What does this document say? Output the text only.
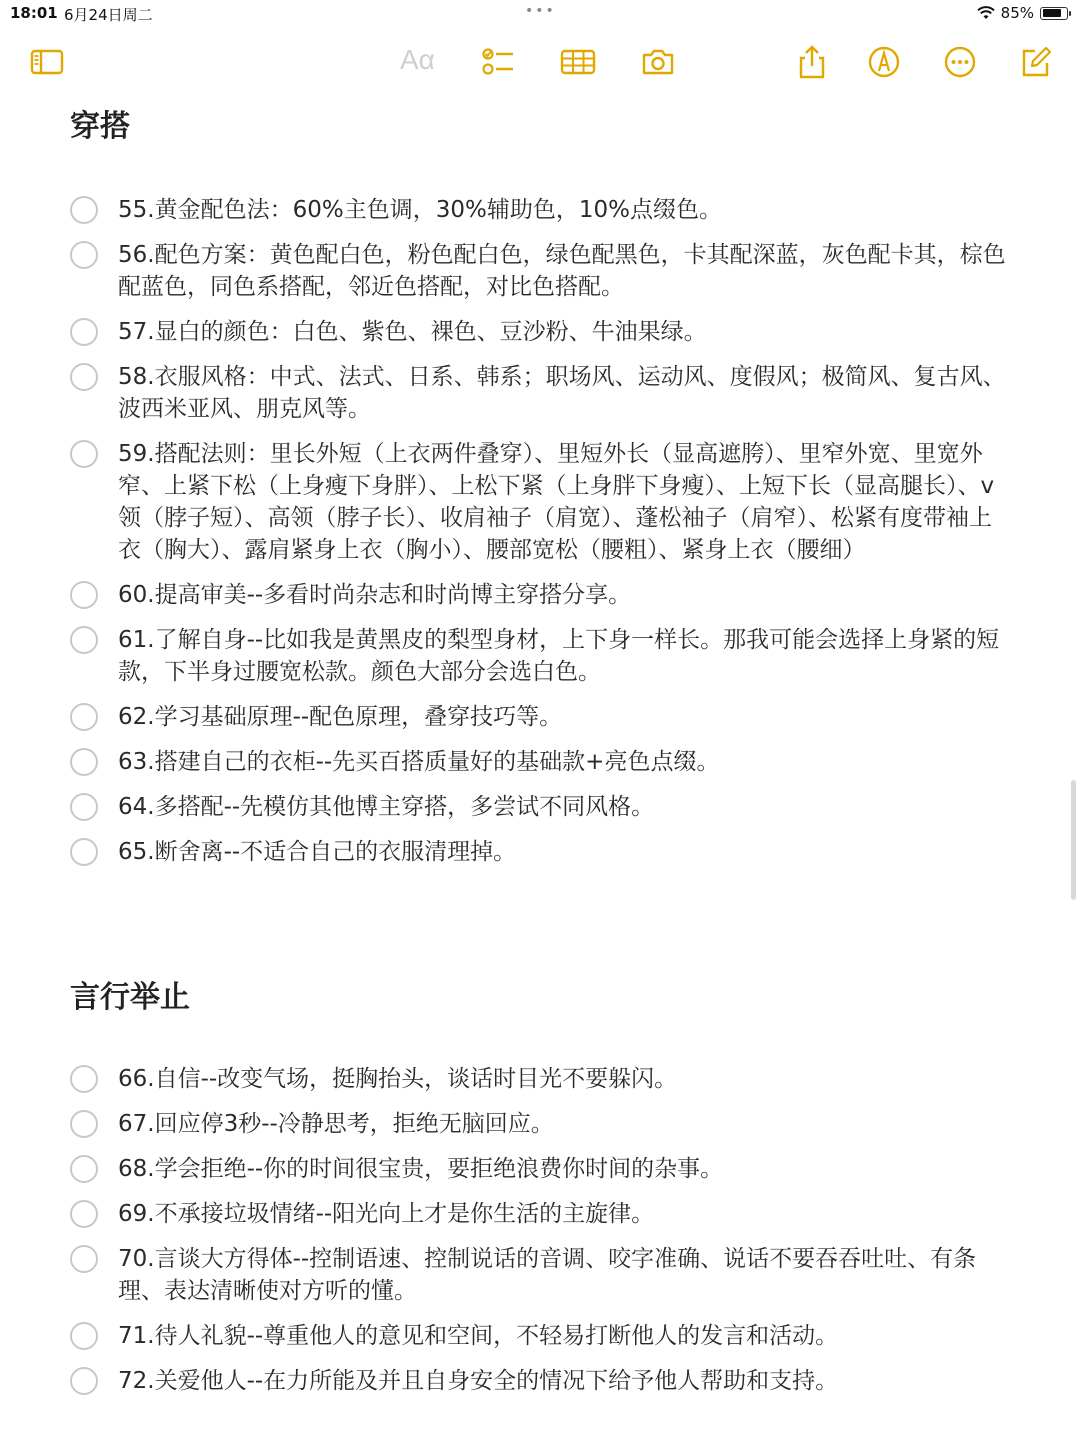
18:01 6月24日周二	•••	85%
Aα
穿搭
55.黄金配色法：60%主色调，30%辅助色，10%点缀色。
56.配色方案：黄色配白色，粉色配白色，绿色配黑色，卡其配深蓝，灰色配卡其，棕色配蓝色，同色系搭配，邻近色搭配，对比色搭配。
57.显白的颜色：白色、紫色、裸色、豆沙粉、牛油果绿。
58.衣服风格：中式、法式、日系、韩系；职场风、运动风、度假风；极简风、复古风、波西米亚风、朋克风等。
59.搭配法则：里长外短（上衣两件叠穿）、里短外长（显高遮胯）、里窄外宽、里宽外窄、上紧下松（上身瘦下身胖）、上松下紧（上身胖下身瘦）、上短下长（显高腿长）、v领（脖子短）、高领（脖子长）、收肩袖子（肩宽）、蓬松袖子（肩窄）、松紧有度带袖上衣（胸大）、露肩紧身上衣（胸小）、腰部宽松（腰粗）、紧身上衣（腰细）
60.提高审美--多看时尚杂志和时尚博主穿搭分享。
61.了解自身--比如我是黄黑皮的梨型身材，上下身一样长。那我可能会选择上身紧的短款，下半身过腰宽松款。颜色大部分会选白色。
62.学习基础原理--配色原理，叠穿技巧等。
63.搭建自己的衣柜--先买百搭质量好的基础款+亮色点缀。
64.多搭配--先模仿其他博主穿搭，多尝试不同风格。
65.断舍离--不适合自己的衣服清理掉。
言行举止
66.自信--改变气场，挺胸抬头，谈话时目光不要躲闪。
67.回应停3秒--冷静思考，拒绝无脑回应。
68.学会拒绝--你的时间很宝贵，要拒绝浪费你时间的杂事。
69.不承接垃圾情绪--阳光向上才是你生活的主旋律。
70.言谈大方得体--控制语速、控制说话的音调、咬字准确、说话不要吞吞吐吐、有条理、表达清晰使对方听的懂。
71.待人礼貌--尊重他人的意见和空间，不轻易打断他人的发言和活动。
72.关爱他人--在力所能及并且自身安全的情况下给予他人帮助和支持。
